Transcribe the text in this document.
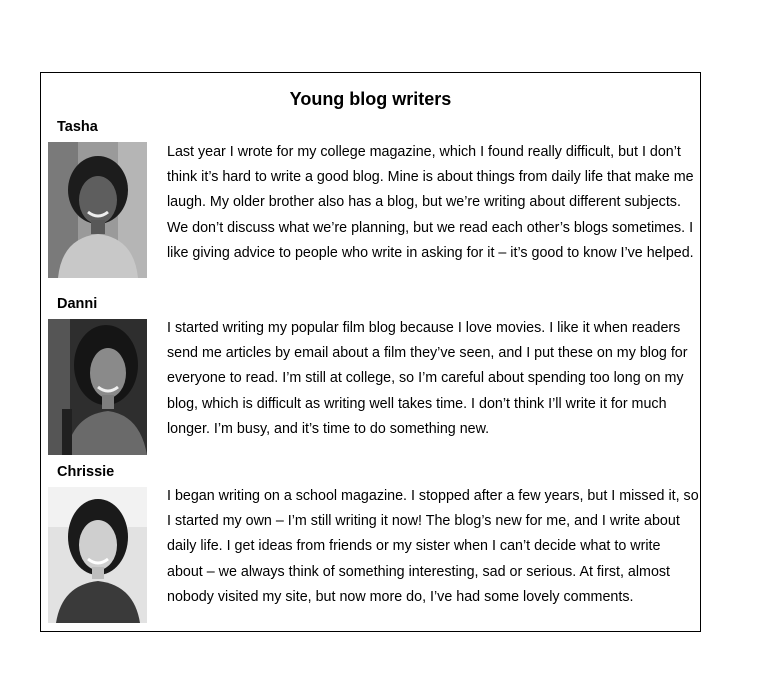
Young blog writers
Tasha

Last year I wrote for my college magazine, which I found really difficult, but I don’t think it’s hard to write a good blog. Mine is about things from daily life that make me laugh. My older brother also has a blog, but we’re writing about different subjects. We don’t discuss what we’re planning, but we read each other’s blogs sometimes. I like giving advice to people who write in asking for it – it’s good to know I’ve helped.

Danni

I started writing my popular film blog because I love movies. I like it when readers send me articles by email about a film they’ve seen, and I put these on my blog for everyone to read. I’m still at college, so I’m careful about spending too long on my blog, which is difficult as writing well takes time. I don’t think I’ll write it for much longer. I’m busy, and it’s time to do something new.

Chrissie

I began writing on a school magazine. I stopped after a few years, but I missed it, so I started my own – I’m still writing it now! The blog’s new for me, and I write about daily life. I get ideas from friends or my sister when I can’t decide what to write about – we always think of something interesting, sad or serious. At first, almost nobody visited my site, but now more do, I’ve had some lovely comments.
